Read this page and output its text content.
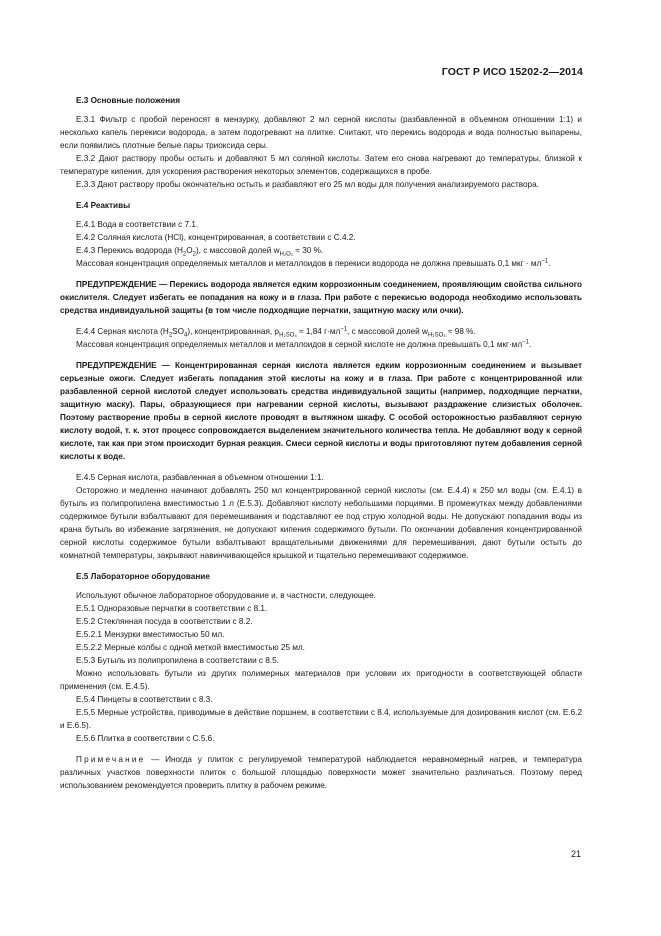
ГОСТ Р ИСО 15202-2—2014

Е.3 Основные положения

Е.3.1 Фильтр с пробой переносят в мензурку, добавляют 2 мл серной кислоты (разбавленной в объемном отношении 1:1) и несколько капель перекиси водорода, а затем подогревают на плитке. Считают, что перекись водорода и вода полностью выпарены, если появились плотные белые пары триоксида серы.

Е.3.2 Дают раствору пробы остыть и добавляют 5 мл соляной кислоты. Затем его снова нагревают до температуры, близкой к температуре кипения, для ускорения растворения некоторых элементов, содержащихся в пробе.

Е.3.3 Дают раствору пробы окончательно остыть и разбавляют его 25 мл воды для получения анализируемого раствора.

Е.4 Реактивы

Е.4.1 Вода в соответствии с 7.1.

Е.4.2 Соляная кислота (HCl), концентрированная, в соответствии с С.4.2.

Е.4.3 Перекись водорода $(H_2O_2)$, с массовой долей $w_{H_2O_2} \approx 30$ %.

Массовая концентрация определяемых металлов и металлоидов в перекиси водорода не должна превышать 0,1 мкг · $мл^{-1}$.

ПРЕДУПРЕЖДЕНИЕ — Перекись водорода является едким коррозионным соединением, проявляющим свойства сильного окислителя. Следует избегать ее попадания на кожу и в глаза. При работе с перекисью водорода необходимо использовать средства индивидуальной защиты (в том числе подходящие перчатки, защитную маску или очки).

Е.4.4 Серная кислота $(H_2SO_4)$, концентрированная, $\rho_{H_2SO_4} \approx 1,84$ $г\cdot мл^{-1}$, с массовой долей $w_{H_2SO_4} \approx 98$ %.

Массовая концентрация определяемых металлов и металлоидов в серной кислоте не должна превышать 0,1 $мкг\cdot мл^{-1}$.

ПРЕДУПРЕЖДЕНИЕ — Концентрированная серная кислота является едким коррозионным соединением и вызывает серьезные ожоги. Следует избегать попадания этой кислоты на кожу и в глаза. При работе с концентрированной или разбавленной серной кислотой следует использовать средства индивидуальной защиты (например, подходящие перчатки, защитную маску). Пары, образующиеся при нагревании серной кислоты, вызывают раздражение слизистых оболочек. Поэтому растворение пробы в серной кислоте проводят в вытяжном шкафу. С особой осторожностью разбавляют серную кислоту водой, т. к. этот процесс сопровождается выделением значительного количества тепла. Не добавляют воду к серной кислоте, так как при этом происходит бурная реакция. Смеси серной кислоты и воды приготовляют путем добавления серной кислоты к воде.

Е.4.5 Серная кислота, разбавленная в объемном отношении 1:1.

Осторожно и медленно начинают добавлять 250 мл концентрированной серной кислоты (см. Е.4.4) к 250 мл воды (см. Е.4.1) в бутыль из полипропилена вместимостью 1 л (Е.5.3). Добавляют кислоту небольшими порциями. В промежутках между добавлениями содержимое бутыли взбалтывают для перемешивания и подставляют ее под струю холодной воды. Не допускают попадания воды из крана бутыль во избежание загрязнения, не допускают кипения содержимого бутыли. По окончании добавления концентрированной серной кислоты содержимое бутыли взбалтывают вращательными движениями для перемешивания, дают бутыли остыть до комнатной температуры, закрывают навинчивающейся крышкой и тщательно перемешивают содержимое.

Е.5 Лабораторное оборудование

Используют обычное лабораторное оборудование и, в частности, следующее.

Е.5.1 Одноразовые перчатки в соответствии с 8.1.

Е.5.2 Стеклянная посуда в соответствии с 8.2.

Е.5.2.1 Мензурки вместимостью 50 мл.

Е.5.2.2 Мерные колбы с одной меткой вместимостью 25 мл.

Е.5.3 Бутыль из полипропилена в соответствии с 8.5.

Можно использовать бутыли из других полимерных материалов при условии их пригодности в соответствующей области применения (см. Е.4.5).

Е.5.4 Пинцеты в соответствии с 8.3.

Е.5.5 Мерные устройства, приводимые в действие поршнем, в соответствии с 8.4, используемые для дозирования кислот (см. Е.6.2 и Е.6.5).

Е.5.6 Плитка в соответствии с С.5.6.

Примечание — Иногда у плиток с регулируемой температурой наблюдается неравномерный нагрев, и температура различных участков поверхности плиток с большой площадью поверхности может значительно различаться. Поэтому перед использованием рекомендуется проверить плитку в рабочем режиме.

21
